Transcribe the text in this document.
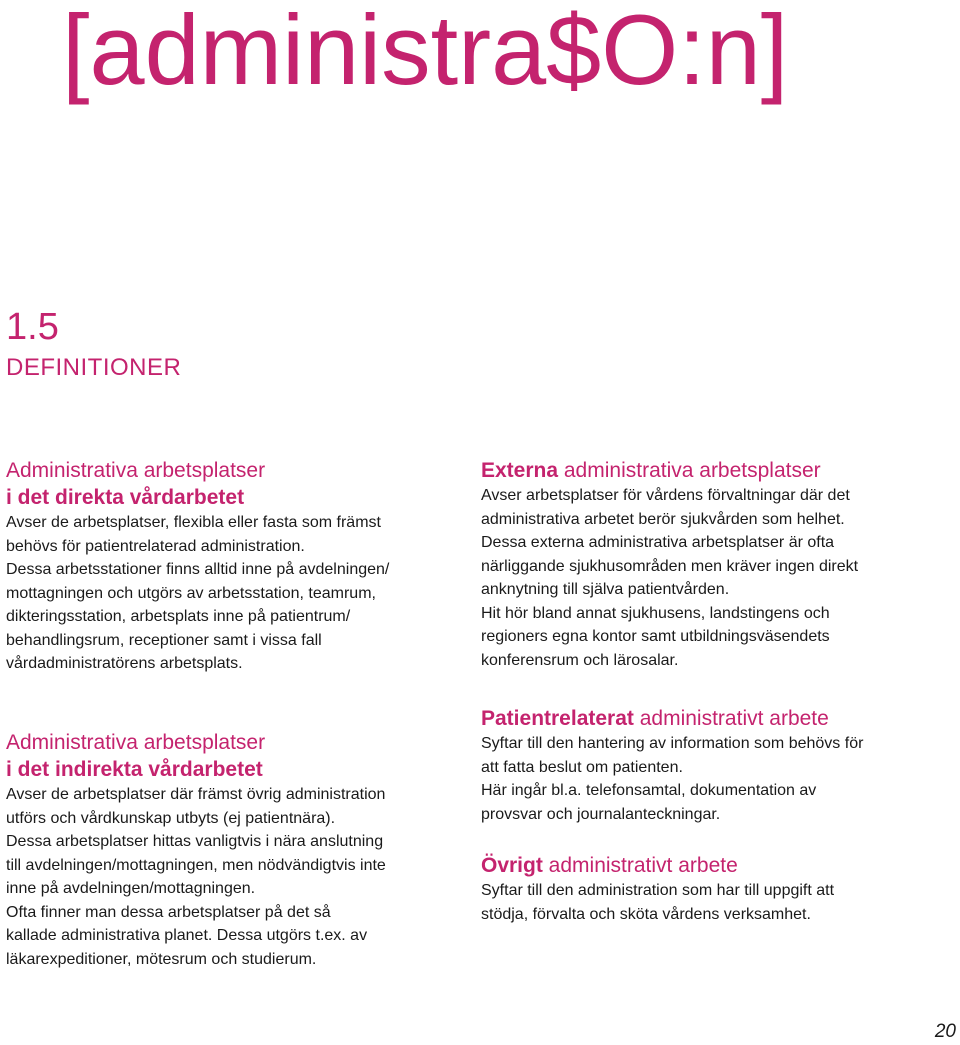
[administra$O:n]
1.5
DEFINITIONER
Administrativa arbetsplatser
i det direkta vårdarbetet

Avser de arbetsplatser, flexibla eller fasta som främst
behövs för patientrelaterad administration.
Dessa arbetsstationer finns alltid inne på avdelningen/
mottagningen och utgörs av arbetsstation, teamrum,
dikteringsstation, arbetsplats inne på patientrum/
behandlingsrum, receptioner samt i vissa fall
vårdadministratörens arbetsplats.

Administrativa arbetsplatser
i det indirekta vårdarbetet

Avser de arbetsplatser där främst övrig administration
utförs och vårdkunskap utbyts (ej patientnära).
Dessa arbetsplatser hittas vanligtvis i nära anslutning
till avdelningen/mottagningen, men nödvändigtvis inte
inne på avdelningen/mottagningen.
Ofta finner man dessa arbetsplatser på det så
kallade administrativa planet. Dessa utgörs t.ex. av
läkarexpeditioner, mötesrum och studierum.

Externa administrativa arbetsplatser

Avser arbetsplatser för vårdens förvaltningar där det
administrativa arbetet berör sjukvården som helhet.
Dessa externa administrativa arbetsplatser är ofta
närliggande sjukhusområden men kräver ingen direkt
anknytning till själva patientvården.
Hit hör bland annat sjukhusens, landstingens och
regioners egna kontor samt utbildningsväsendets
konferensrum och lärosalar.

Patientrelaterat administrativt arbete

Syftar till den hantering av information som behövs för
att fatta beslut om patienten.
Här ingår bl.a. telefonsamtal, dokumentation av
provsvar och journalanteckningar.

Övrigt administrativt arbete

Syftar till den administration som har till uppgift att
stödja, förvalta och sköta vårdens verksamhet.

20
